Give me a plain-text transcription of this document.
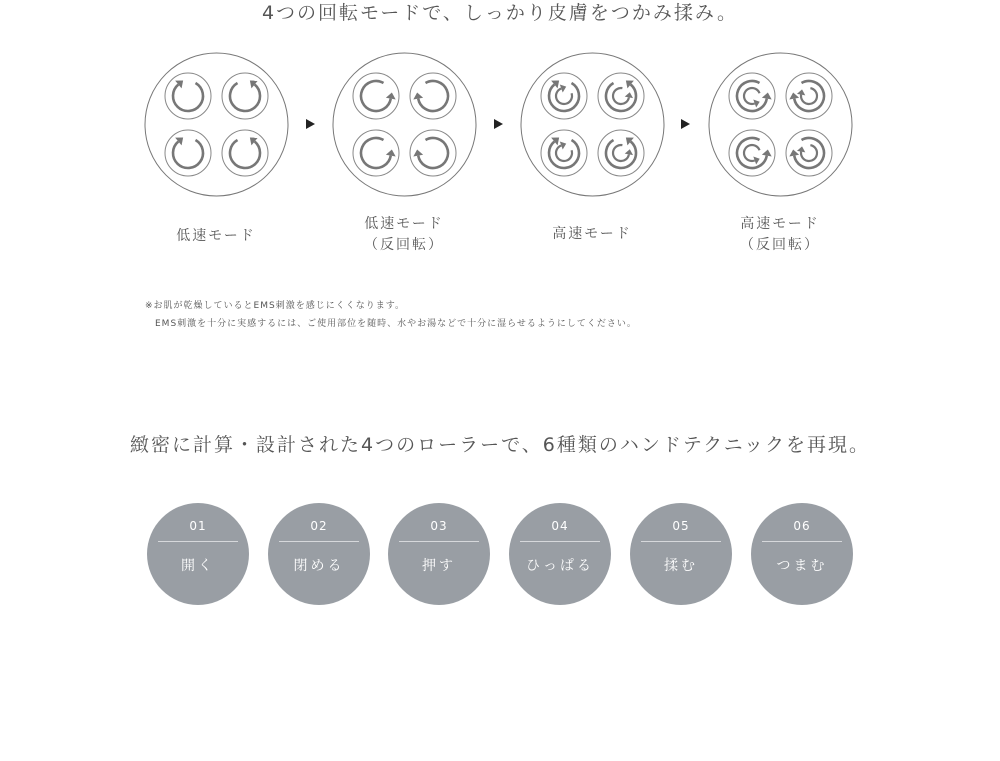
4つの回転モードで、しっかり皮膚をつかみ揉み。
低速モード
低速モード
（反回転）
高速モード
高速モード
（反回転）
※お肌が乾燥しているとEMS刺激を感じにくくなります。
EMS刺激を十分に実感するには、ご使用部位を随時、水やお湯などで十分に湿らせるようにしてください。
緻密に計算・設計された4つのローラーで、6種類のハンドテクニックを再現。
01
開く
02
閉める
03
押す
04
ひっぱる
05
揉む
06
つまむ
